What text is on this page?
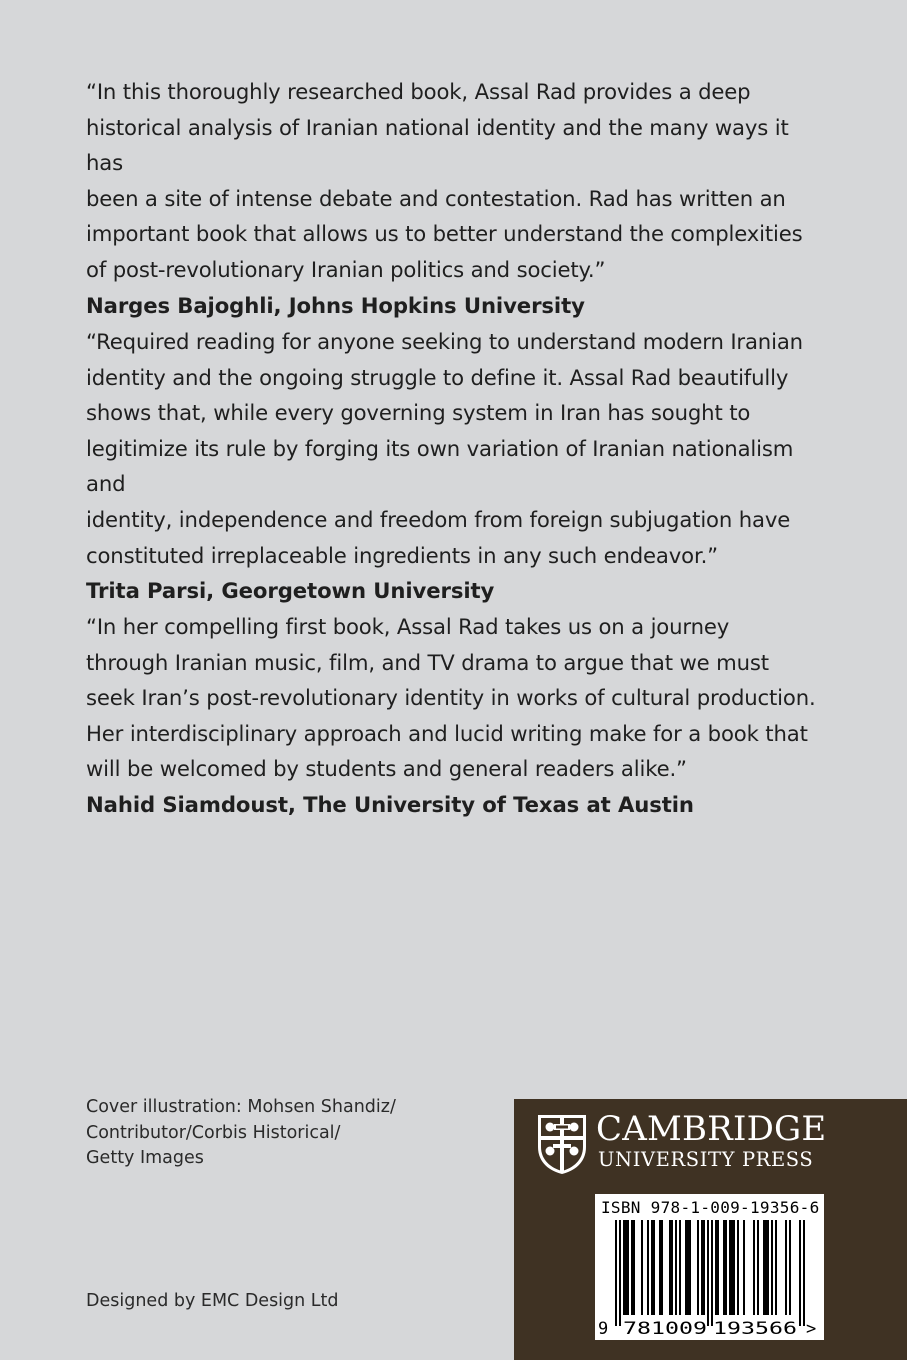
“In this thoroughly researched book, Assal Rad provides a deep

historical analysis of Iranian national identity and the many ways it has

been a site of intense debate and contestation. Rad has written an

important book that allows us to better understand the complexities

of post-revolutionary Iranian politics and society.”

Narges Bajoghli, Johns Hopkins University

“Required reading for anyone seeking to understand modern Iranian

identity and the ongoing struggle to define it. Assal Rad beautifully

shows that, while every governing system in Iran has sought to

legitimize its rule by forging its own variation of Iranian nationalism and

identity, independence and freedom from foreign subjugation have

constituted irreplaceable ingredients in any such endeavor.”

Trita Parsi, Georgetown University

“In her compelling first book, Assal Rad takes us on a journey

through Iranian music, film, and TV drama to argue that we must

seek Iran’s post-revolutionary identity in works of cultural production.

Her interdisciplinary approach and lucid writing make for a book that

will be welcomed by students and general readers alike.”

Nahid Siamdoust, The University of Texas at Austin

Cover illustration: Mohsen Shandiz/
Contributor/Corbis Historical/
Getty Images
Designed by EMC Design Ltd
CAMBRIDGE
UNIVERSITY PRESS
ISBN 978-1-009-19356-6
9 781009 193566 >
